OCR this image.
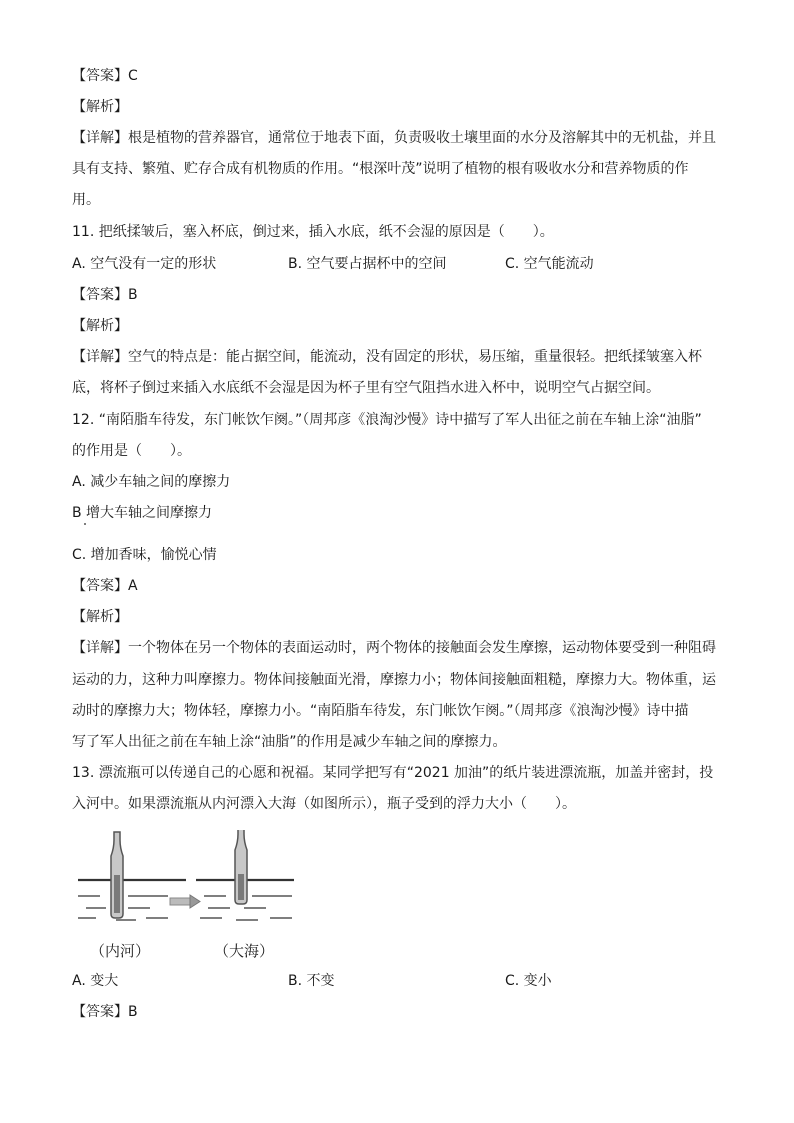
【答案】C
【解析】
【详解】根是植物的营养器官，通常位于地表下面，负责吸收土壤里面的水分及溶解其中的无机盐，并且
具有支持、繁殖、贮存合成有机物质的作用。“根深叶茂”说明了植物的根有吸收水分和营养物质的作
用。
11. 把纸揉皱后，塞入杯底，倒过来，插入水底，纸不会湿的原因是（　　）。
A. 空气没有一定的形状	B. 空气要占据杯中的空间	C. 空气能流动
【答案】B
【解析】
【详解】空气的特点是：能占据空间，能流动，没有固定的形状，易压缩，重量很轻。把纸揉皱塞入杯
底，将杯子倒过来插入水底纸不会湿是因为杯子里有空气阻挡水进入杯中，说明空气占据空间。
12. “南陌脂车待发，东门帐饮乍阕。”（周邦彦《浪淘沙慢》诗中描写了军人出征之前在车轴上涂“油脂”
的作用是（　　）。
A. 减少车轴之间的摩擦力
B 增大车轴之间摩擦力
C. 增加香味，愉悦心情
【答案】A
【解析】
【详解】一个物体在另一个物体的表面运动时，两个物体的接触面会发生摩擦，运动物体要受到一种阻碍
运动的力，这种力叫摩擦力。物体间接触面光滑，摩擦力小；物体间接触面粗糙，摩擦力大。物体重，运
动时的摩擦力大；物体轻，摩擦力小。“南陌脂车待发，东门帐饮乍阕。”（周邦彦《浪淘沙慢》诗中描
写了军人出征之前在车轴上涂“油脂”的作用是减少车轴之间的摩擦力。
13. 漂流瓶可以传递自己的心愿和祝福。某同学把写有“2021 加油”的纸片装进漂流瓶，加盖并密封，投
入河中。如果漂流瓶从内河漂入大海（如图所示），瓶子受到的浮力大小（　　）。
（内河）	（大海）
A. 变大	B. 不变	C. 变小
【答案】B
